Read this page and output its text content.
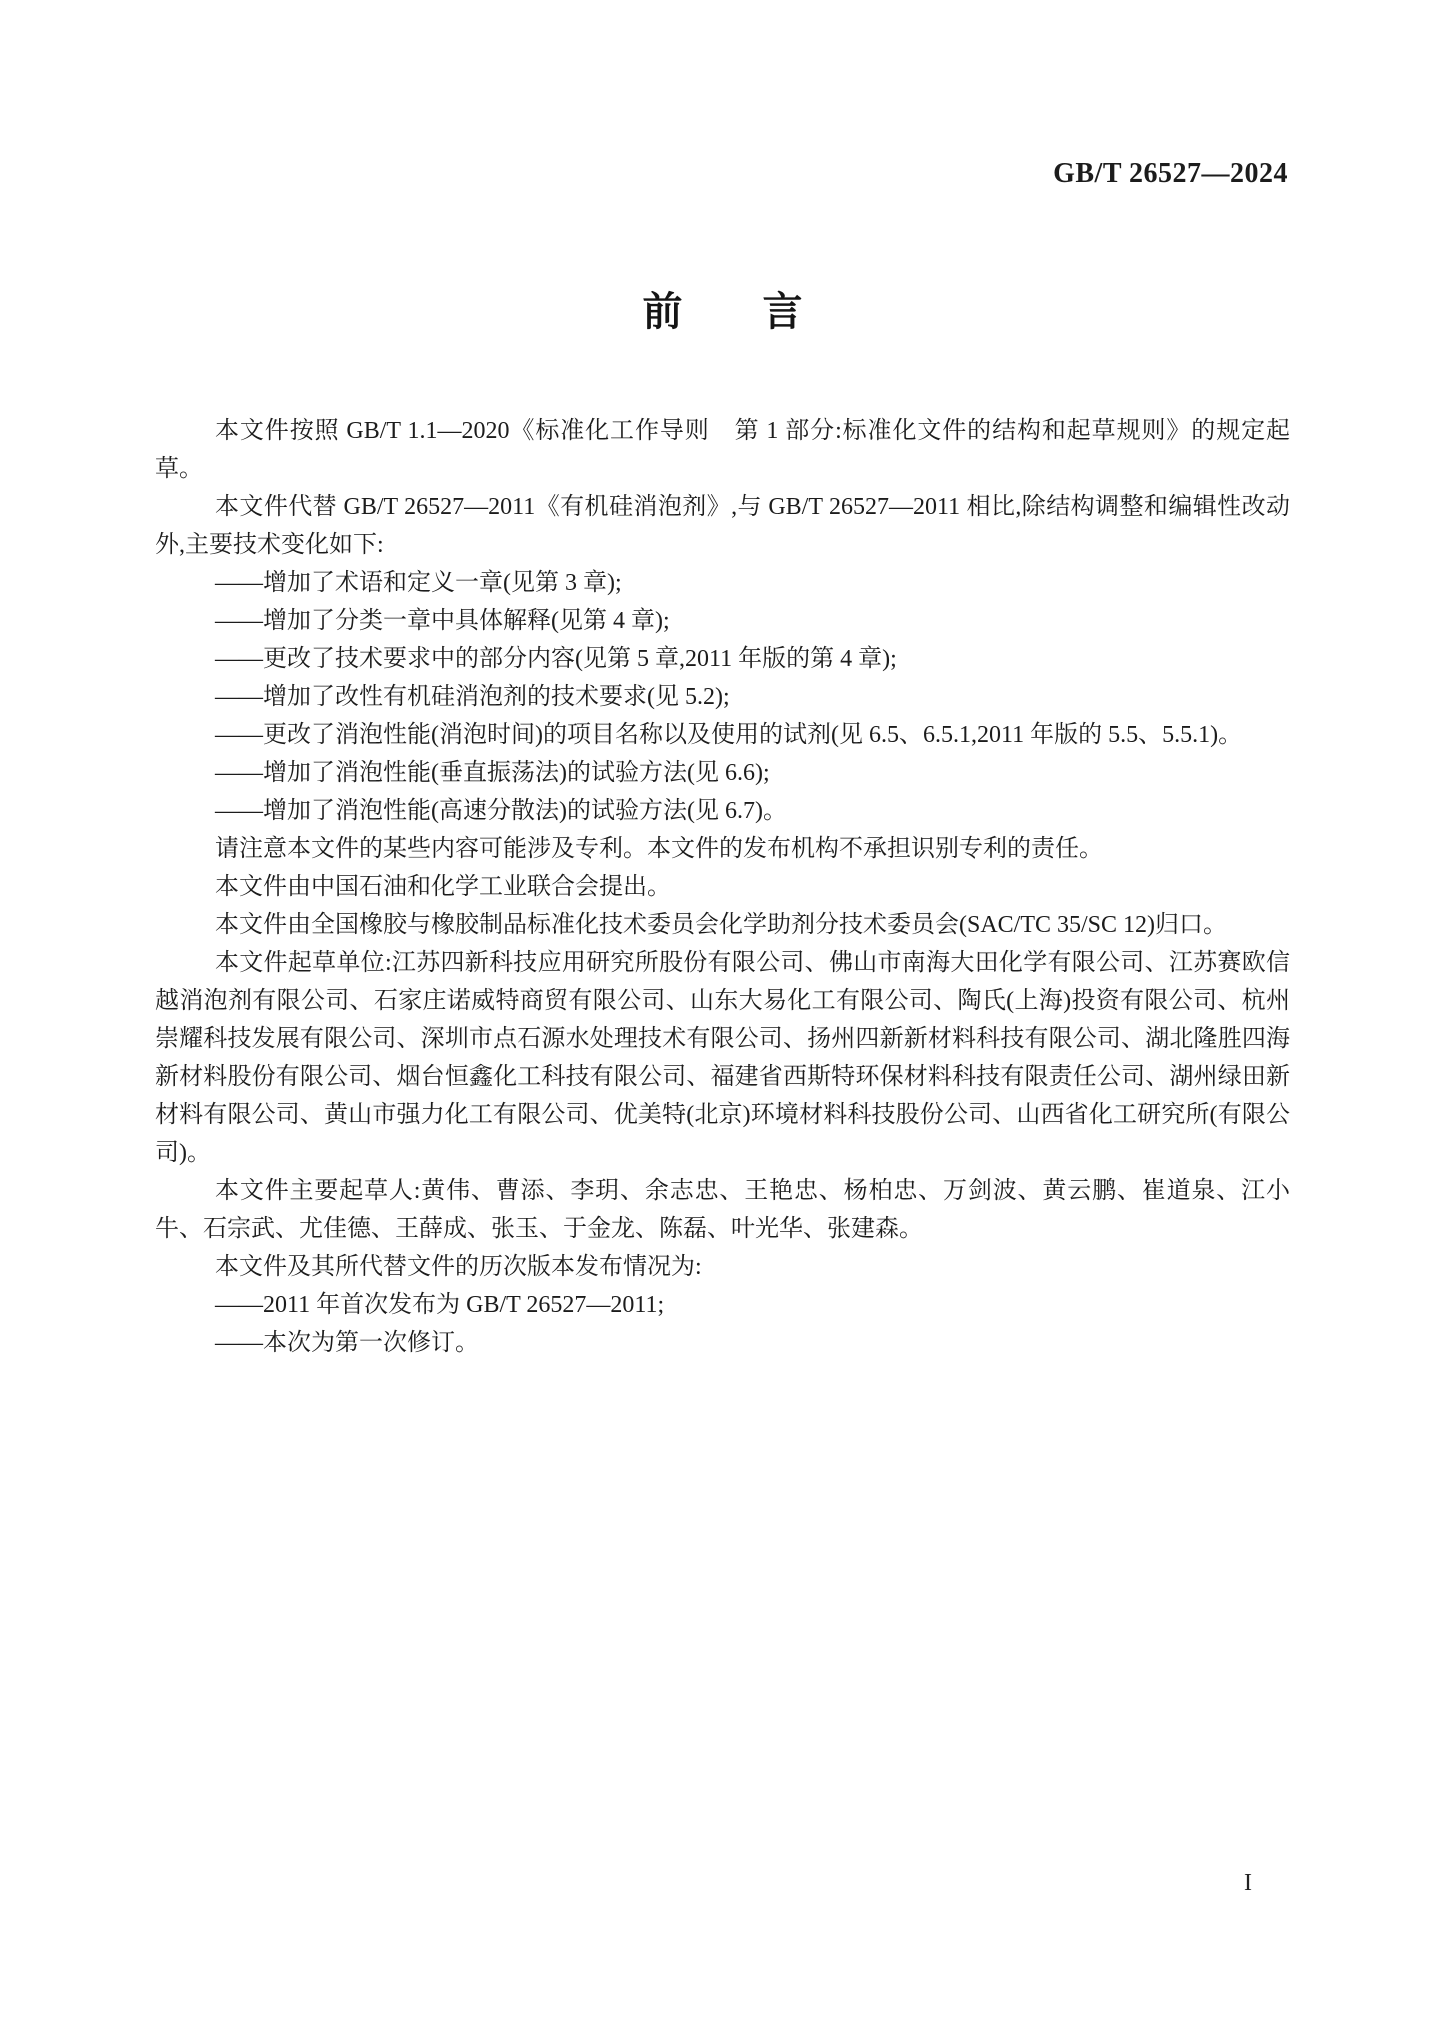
GB/T 26527—2024
前　　言

本文件按照 GB/T 1.1—2020《标准化工作导则　第 1 部分:标准化文件的结构和起草规则》的规定起草。

本文件代替 GB/T 26527—2011《有机硅消泡剂》,与 GB/T 26527—2011 相比,除结构调整和编辑性改动外,主要技术变化如下:

——增加了术语和定义一章(见第 3 章);

——增加了分类一章中具体解释(见第 4 章);

——更改了技术要求中的部分内容(见第 5 章,2011 年版的第 4 章);

——增加了改性有机硅消泡剂的技术要求(见 5.2);

——更改了消泡性能(消泡时间)的项目名称以及使用的试剂(见 6.5、6.5.1,2011 年版的 5.5、5.5.1)。

——增加了消泡性能(垂直振荡法)的试验方法(见 6.6);

——增加了消泡性能(高速分散法)的试验方法(见 6.7)。

请注意本文件的某些内容可能涉及专利。本文件的发布机构不承担识别专利的责任。

本文件由中国石油和化学工业联合会提出。

本文件由全国橡胶与橡胶制品标准化技术委员会化学助剂分技术委员会(SAC/TC 35/SC 12)归口。

本文件起草单位:江苏四新科技应用研究所股份有限公司、佛山市南海大田化学有限公司、江苏赛欧信越消泡剂有限公司、石家庄诺威特商贸有限公司、山东大易化工有限公司、陶氏(上海)投资有限公司、杭州崇耀科技发展有限公司、深圳市点石源水处理技术有限公司、扬州四新新材料科技有限公司、湖北隆胜四海新材料股份有限公司、烟台恒鑫化工科技有限公司、福建省西斯特环保材料科技有限责任公司、湖州绿田新材料有限公司、黄山市强力化工有限公司、优美特(北京)环境材料科技股份公司、山西省化工研究所(有限公司)。

本文件主要起草人:黄伟、曹添、李玥、余志忠、王艳忠、杨柏忠、万剑波、黄云鹏、崔道泉、江小牛、石宗武、尤佳德、王薛成、张玉、于金龙、陈磊、叶光华、张建森。

本文件及其所代替文件的历次版本发布情况为:

——2011 年首次发布为 GB/T 26527—2011;

——本次为第一次修订。

I
